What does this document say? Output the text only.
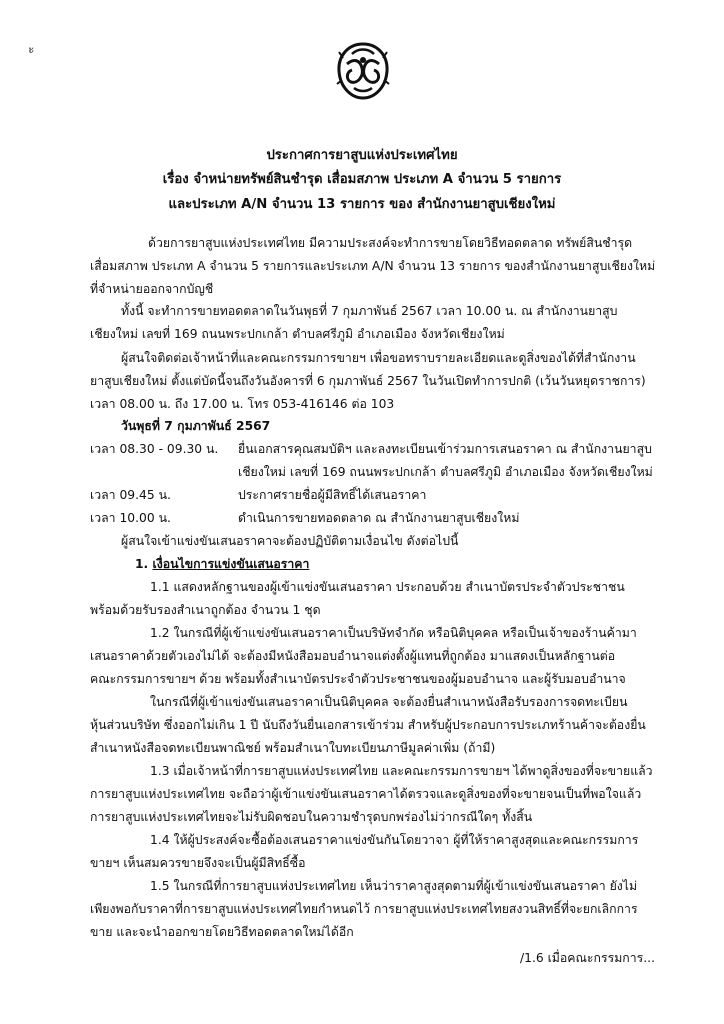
ะ
ประกาศการยาสูบแห่งประเทศไทย
เรื่อง จำหน่ายทรัพย์สินชำรุด เสื่อมสภาพ ประเภท A จำนวน 5 รายการ
และประเภท A/N จำนวน 13 รายการ ของ สำนักงานยาสูบเชียงใหม่
ด้วยการยาสูบแห่งประเทศไทย มีความประสงค์จะทำการขายโดยวิธีทอดตลาด ทรัพย์สินชำรุด
เสื่อมสภาพ ประเภท A จำนวน 5 รายการและประเภท A/N จำนวน 13 รายการ ของสำนักงานยาสูบเชียงใหม่
ที่จำหน่ายออกจากบัญชี
ทั้งนี้ จะทำการขายทอดตลาดในวันพุธที่ 7 กุมภาพันธ์ 2567 เวลา 10.00 น. ณ สำนักงานยาสูบ
เชียงใหม่ เลขที่ 169 ถนนพระปกเกล้า ตำบลศรีภูมิ อำเภอเมือง จังหวัดเชียงใหม่
ผู้สนใจติดต่อเจ้าหน้าที่และคณะกรรมการขายฯ เพื่อขอทราบรายละเอียดและดูสิ่งของได้ที่สำนักงาน
ยาสูบเชียงใหม่ ตั้งแต่บัดนี้จนถึงวันอังคารที่ 6 กุมภาพันธ์ 2567 ในวันเปิดทำการปกติ (เว้นวันหยุดราชการ)
เวลา 08.00 น. ถึง 17.00 น. โทร 053-416146 ต่อ 103
วันพุธที่ 7 กุมภาพันธ์ 2567
เวลา 08.30 - 09.30 น. ยื่นเอกสารคุณสมบัติฯ และลงทะเบียนเข้าร่วมการเสนอราคา ณ สำนักงานยาสูบ
เชียงใหม่ เลขที่ 169 ถนนพระปกเกล้า ตำบลศรีภูมิ อำเภอเมือง จังหวัดเชียงใหม่
เวลา 09.45 น.	ประกาศรายชื่อผู้มีสิทธิ์ได้เสนอราคา
เวลา 10.00 น.	ดำเนินการขายทอดตลาด ณ สำนักงานยาสูบเชียงใหม่
ผู้สนใจเข้าแข่งขันเสนอราคาจะต้องปฏิบัติตามเงื่อนไข ดังต่อไปนี้
1. เงื่อนไขการแข่งขันเสนอราคา
1.1 แสดงหลักฐานของผู้เข้าแข่งขันเสนอราคา ประกอบด้วย สำเนาบัตรประจำตัวประชาชน
พร้อมด้วยรับรองสำเนาถูกต้อง จำนวน 1 ชุด
1.2 ในกรณีที่ผู้เข้าแข่งขันเสนอราคาเป็นบริษัทจำกัด หรือนิติบุคคล หรือเป็นเจ้าของร้านค้ามา
เสนอราคาด้วยตัวเองไม่ได้ จะต้องมีหนังสือมอบอำนาจแต่งตั้งผู้แทนที่ถูกต้อง มาแสดงเป็นหลักฐานต่อ
คณะกรรมการขายฯ ด้วย พร้อมทั้งสำเนาบัตรประจำตัวประชาชนของผู้มอบอำนาจ และผู้รับมอบอำนาจ
ในกรณีที่ผู้เข้าแข่งขันเสนอราคาเป็นนิติบุคคล จะต้องยื่นสำเนาหนังสือรับรองการจดทะเบียน
หุ้นส่วนบริษัท ซึ่งออกไม่เกิน 1 ปี นับถึงวันยื่นเอกสารเข้าร่วม สำหรับผู้ประกอบการประเภทร้านค้าจะต้องยื่น
สำเนาหนังสือจดทะเบียนพาณิชย์ พร้อมสำเนาใบทะเบียนภาษีมูลค่าเพิ่ม (ถ้ามี)
1.3 เมื่อเจ้าหน้าที่การยาสูบแห่งประเทศไทย และคณะกรรมการขายฯ ได้พาดูสิ่งของที่จะขายแล้ว
การยาสูบแห่งประเทศไทย จะถือว่าผู้เข้าแข่งขันเสนอราคาได้ตรวจและดูสิ่งของที่จะขายจนเป็นที่พอใจแล้ว
การยาสูบแห่งประเทศไทยจะไม่รับผิดชอบในความชำรุดบกพร่องไม่ว่ากรณีใดๆ ทั้งสิ้น
1.4 ให้ผู้ประสงค์จะซื้อต้องเสนอราคาแข่งขันกันโดยวาจา ผู้ที่ให้ราคาสูงสุดและคณะกรรมการ
ขายฯ เห็นสมควรขายจึงจะเป็นผู้มีสิทธิ์ซื้อ
1.5 ในกรณีที่การยาสูบแห่งประเทศไทย เห็นว่าราคาสูงสุดตามที่ผู้เข้าแข่งขันเสนอราคา ยังไม่
เพียงพอกับราคาที่การยาสูบแห่งประเทศไทยกำหนดไว้ การยาสูบแห่งประเทศไทยสงวนสิทธิ์ที่จะยกเลิกการ
ขาย และจะนำออกขายโดยวิธีทอดตลาดใหม่ได้อีก
/1.6 เมื่อคณะกรรมการ...
